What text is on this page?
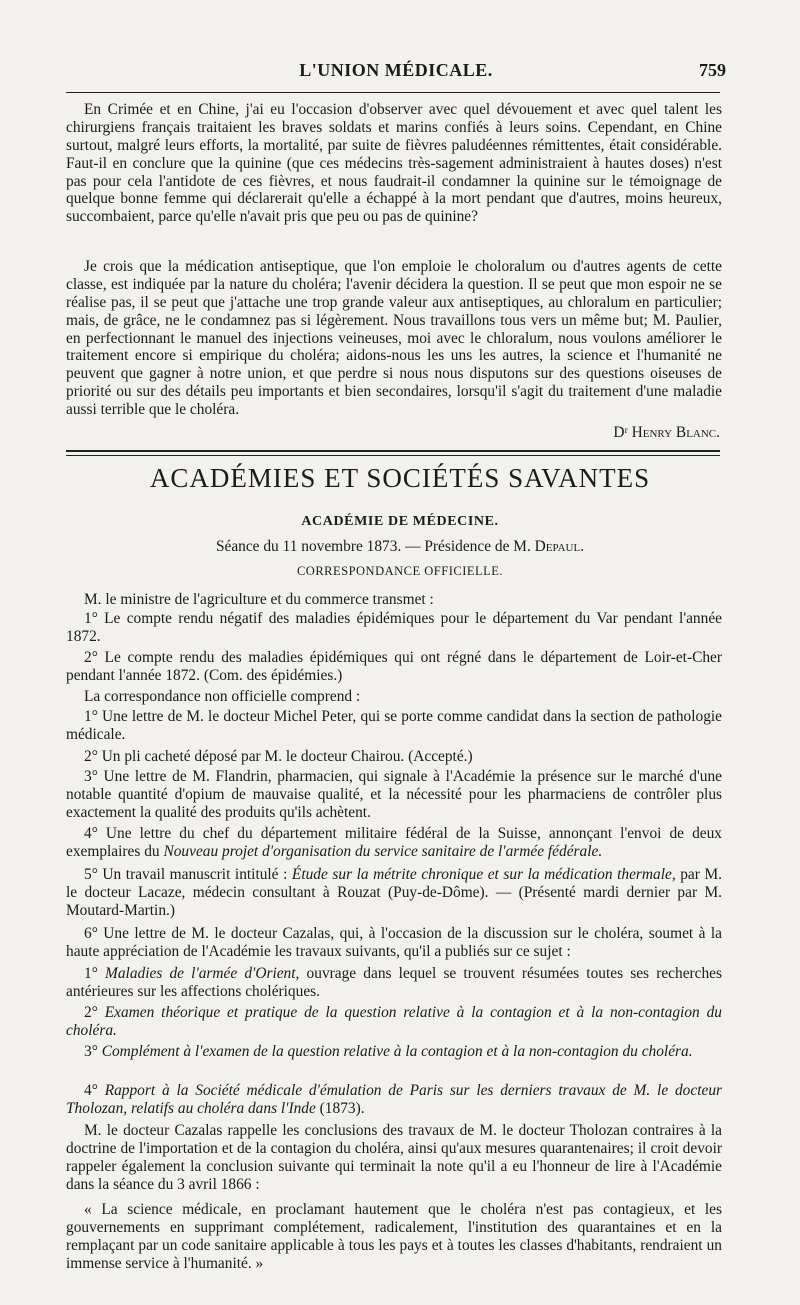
L'UNION MÉDICALE.	759

En Crimée et en Chine, j'ai eu l'occasion d'observer avec quel dévouement et avec quel talent les chirurgiens français traitaient les braves soldats et marins confiés à leurs soins. Cependant, en Chine surtout, malgré leurs efforts, la mortalité, par suite de fièvres paludéennes rémittentes, était considérable. Faut-il en conclure que la quinine (que ces médecins très-sagement administraient à hautes doses) n'est pas pour cela l'antidote de ces fièvres, et nous faudrait-il condamner la quinine sur le témoignage de quelque bonne femme qui déclarerait qu'elle a échappé à la mort pendant que d'autres, moins heureux, succombaient, parce qu'elle n'avait pris que peu ou pas de quinine?

Je crois que la médication antiseptique, que l'on emploie le choloralum ou d'autres agents de cette classe, est indiquée par la nature du choléra; l'avenir décidera la question. Il se peut que mon espoir ne se réalise pas, il se peut que j'attache une trop grande valeur aux antiseptiques, au chloralum en particulier; mais, de grâce, ne le condamnez pas si légèrement. Nous travaillons tous vers un même but; M. Paulier, en perfectionnant le manuel des injections veineuses, moi avec le chloralum, nous voulons améliorer le traitement encore si empirique du choléra; aidons-nous les uns les autres, la science et l'humanité ne peuvent que gagner à notre union, et que perdre si nous nous disputons sur des questions oiseuses de priorité ou sur des détails peu importants et bien secondaires, lorsqu'il s'agit du traitement d'une maladie aussi terrible que le choléra.

Dʳ Henry Blanc.
ACADÉMIES ET SOCIÉTÉS SAVANTES
ACADÉMIE DE MÉDECINE.
Séance du 11 novembre 1873. — Présidence de M. Depaul.
CORRESPONDANCE OFFICIELLE.

M. le ministre de l'agriculture et du commerce transmet :

1° Le compte rendu négatif des maladies épidémiques pour le département du Var pendant l'année 1872.

2° Le compte rendu des maladies épidémiques qui ont régné dans le département de Loir-et-Cher pendant l'année 1872. (Com. des épidémies.)

La correspondance non officielle comprend :

1° Une lettre de M. le docteur Michel Peter, qui se porte comme candidat dans la section de pathologie médicale.

2° Un pli cacheté déposé par M. le docteur Chairou. (Accepté.)

3° Une lettre de M. Flandrin, pharmacien, qui signale à l'Académie la présence sur le marché d'une notable quantité d'opium de mauvaise qualité, et la nécessité pour les pharmaciens de contrôler plus exactement la qualité des produits qu'ils achètent.

4° Une lettre du chef du département militaire fédéral de la Suisse, annonçant l'envoi de deux exemplaires du Nouveau projet d'organisation du service sanitaire de l'armée fédérale.

5° Un travail manuscrit intitulé : Étude sur la métrite chronique et sur la médication thermale, par M. le docteur Lacaze, médecin consultant à Rouzat (Puy-de-Dôme). — (Présenté mardi dernier par M. Moutard-Martin.)

6° Une lettre de M. le docteur Cazalas, qui, à l'occasion de la discussion sur le choléra, soumet à la haute appréciation de l'Académie les travaux suivants, qu'il a publiés sur ce sujet :

1° Maladies de l'armée d'Orient, ouvrage dans lequel se trouvent résumées toutes ses recherches antérieures sur les affections cholériques.

2° Examen théorique et pratique de la question relative à la contagion et à la non-contagion du choléra.

3° Complément à l'examen de la question relative à la contagion et à la non-contagion du choléra.

4° Rapport à la Société médicale d'émulation de Paris sur les derniers travaux de M. le docteur Tholozan, relatifs au choléra dans l'Inde (1873).

M. le docteur Cazalas rappelle les conclusions des travaux de M. le docteur Tholozan contraires à la doctrine de l'importation et de la contagion du choléra, ainsi qu'aux mesures quarantenaires; il croit devoir rappeler également la conclusion suivante qui terminait la note qu'il a eu l'honneur de lire à l'Académie dans la séance du 3 avril 1866 :

« La science médicale, en proclamant hautement que le choléra n'est pas contagieux, et les gouvernements en supprimant complétement, radicalement, l'institution des quarantaines et en la remplaçant par un code sanitaire applicable à tous les pays et à toutes les classes d'habitants, rendraient un immense service à l'humanité. »
